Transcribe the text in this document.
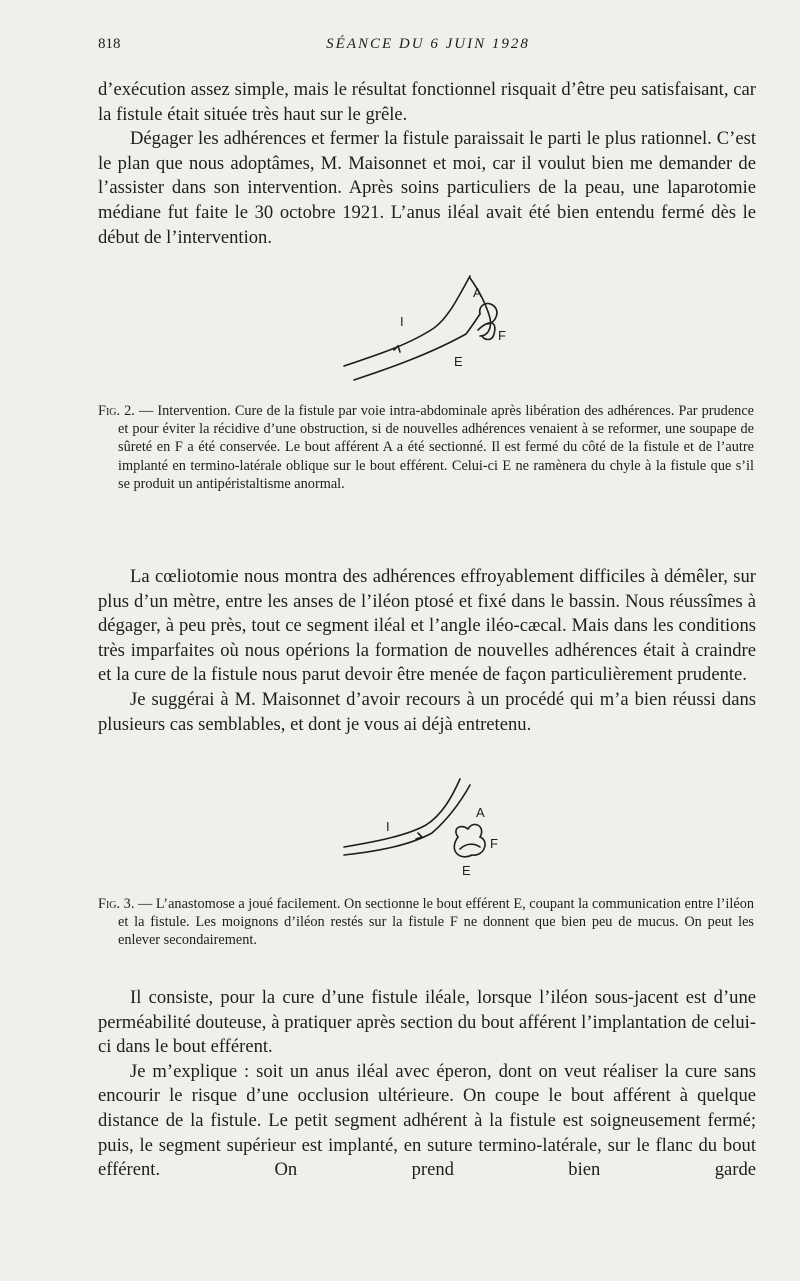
818	SÉANCE DU 6 JUIN 1928

d’exécution assez simple, mais le résultat fonctionnel risquait d’être peu satisfaisant, car la fistule était située très haut sur le grêle.

Dégager les adhérences et fermer la fistule paraissait le parti le plus rationnel. C’est le plan que nous adoptâmes, M. Maisonnet et moi, car il voulut bien me demander de l’assister dans son intervention. Après soins particuliers de la peau, une laparotomie médiane fut faite le 30 octobre 1921. L’anus iléal avait été bien entendu fermé dès le début de l’intervention.

A
I
F
E

Fig. 2. — Intervention. Cure de la fistule par voie intra-abdominale après libération des adhérences. Par prudence et pour éviter la récidive d’une obstruction, si de nouvelles adhérences venaient à se reformer, une soupape de sûreté en F a été conservée. Le bout afférent A a été sectionné. Il est fermé du côté de la fistule et de l’autre implanté en termino-latérale oblique sur le bout efférent. Celui-ci E ne ramènera du chyle à la fistule que s’il se produit un antipéristaltisme anormal.

La cœliotomie nous montra des adhérences effroyablement difficiles à démêler, sur plus d’un mètre, entre les anses de l’iléon ptosé et fixé dans le bassin. Nous réussîmes à dégager, à peu près, tout ce segment iléal et l’angle iléo-cæcal. Mais dans les conditions très imparfaites où nous opérions la formation de nouvelles adhérences était à craindre et la cure de la fistule nous parut devoir être menée de façon particulièrement prudente.

Je suggérai à M. Maisonnet d’avoir recours à un procédé qui m’a bien réussi dans plusieurs cas semblables, et dont je vous ai déjà entretenu.

A
I
F
E

Fig. 3. — L’anastomose a joué facilement. On sectionne le bout efférent E, coupant la communication entre l’iléon et la fistule. Les moignons d’iléon restés sur la fistule F ne donnent que bien peu de mucus. On peut les enlever secondairement.

Il consiste, pour la cure d’une fistule iléale, lorsque l’iléon sous-jacent est d’une perméabilité douteuse, à pratiquer après section du bout afférent l’implantation de celui-ci dans le bout efférent.

Je m’explique : soit un anus iléal avec éperon, dont on veut réaliser la cure sans encourir le risque d’une occlusion ultérieure. On coupe le bout afférent à quelque distance de la fistule. Le petit segment adhérent à la fistule est soigneusement fermé; puis, le segment supérieur est implanté, en suture termino-latérale, sur le flanc du bout efférent. On prend bien garde
